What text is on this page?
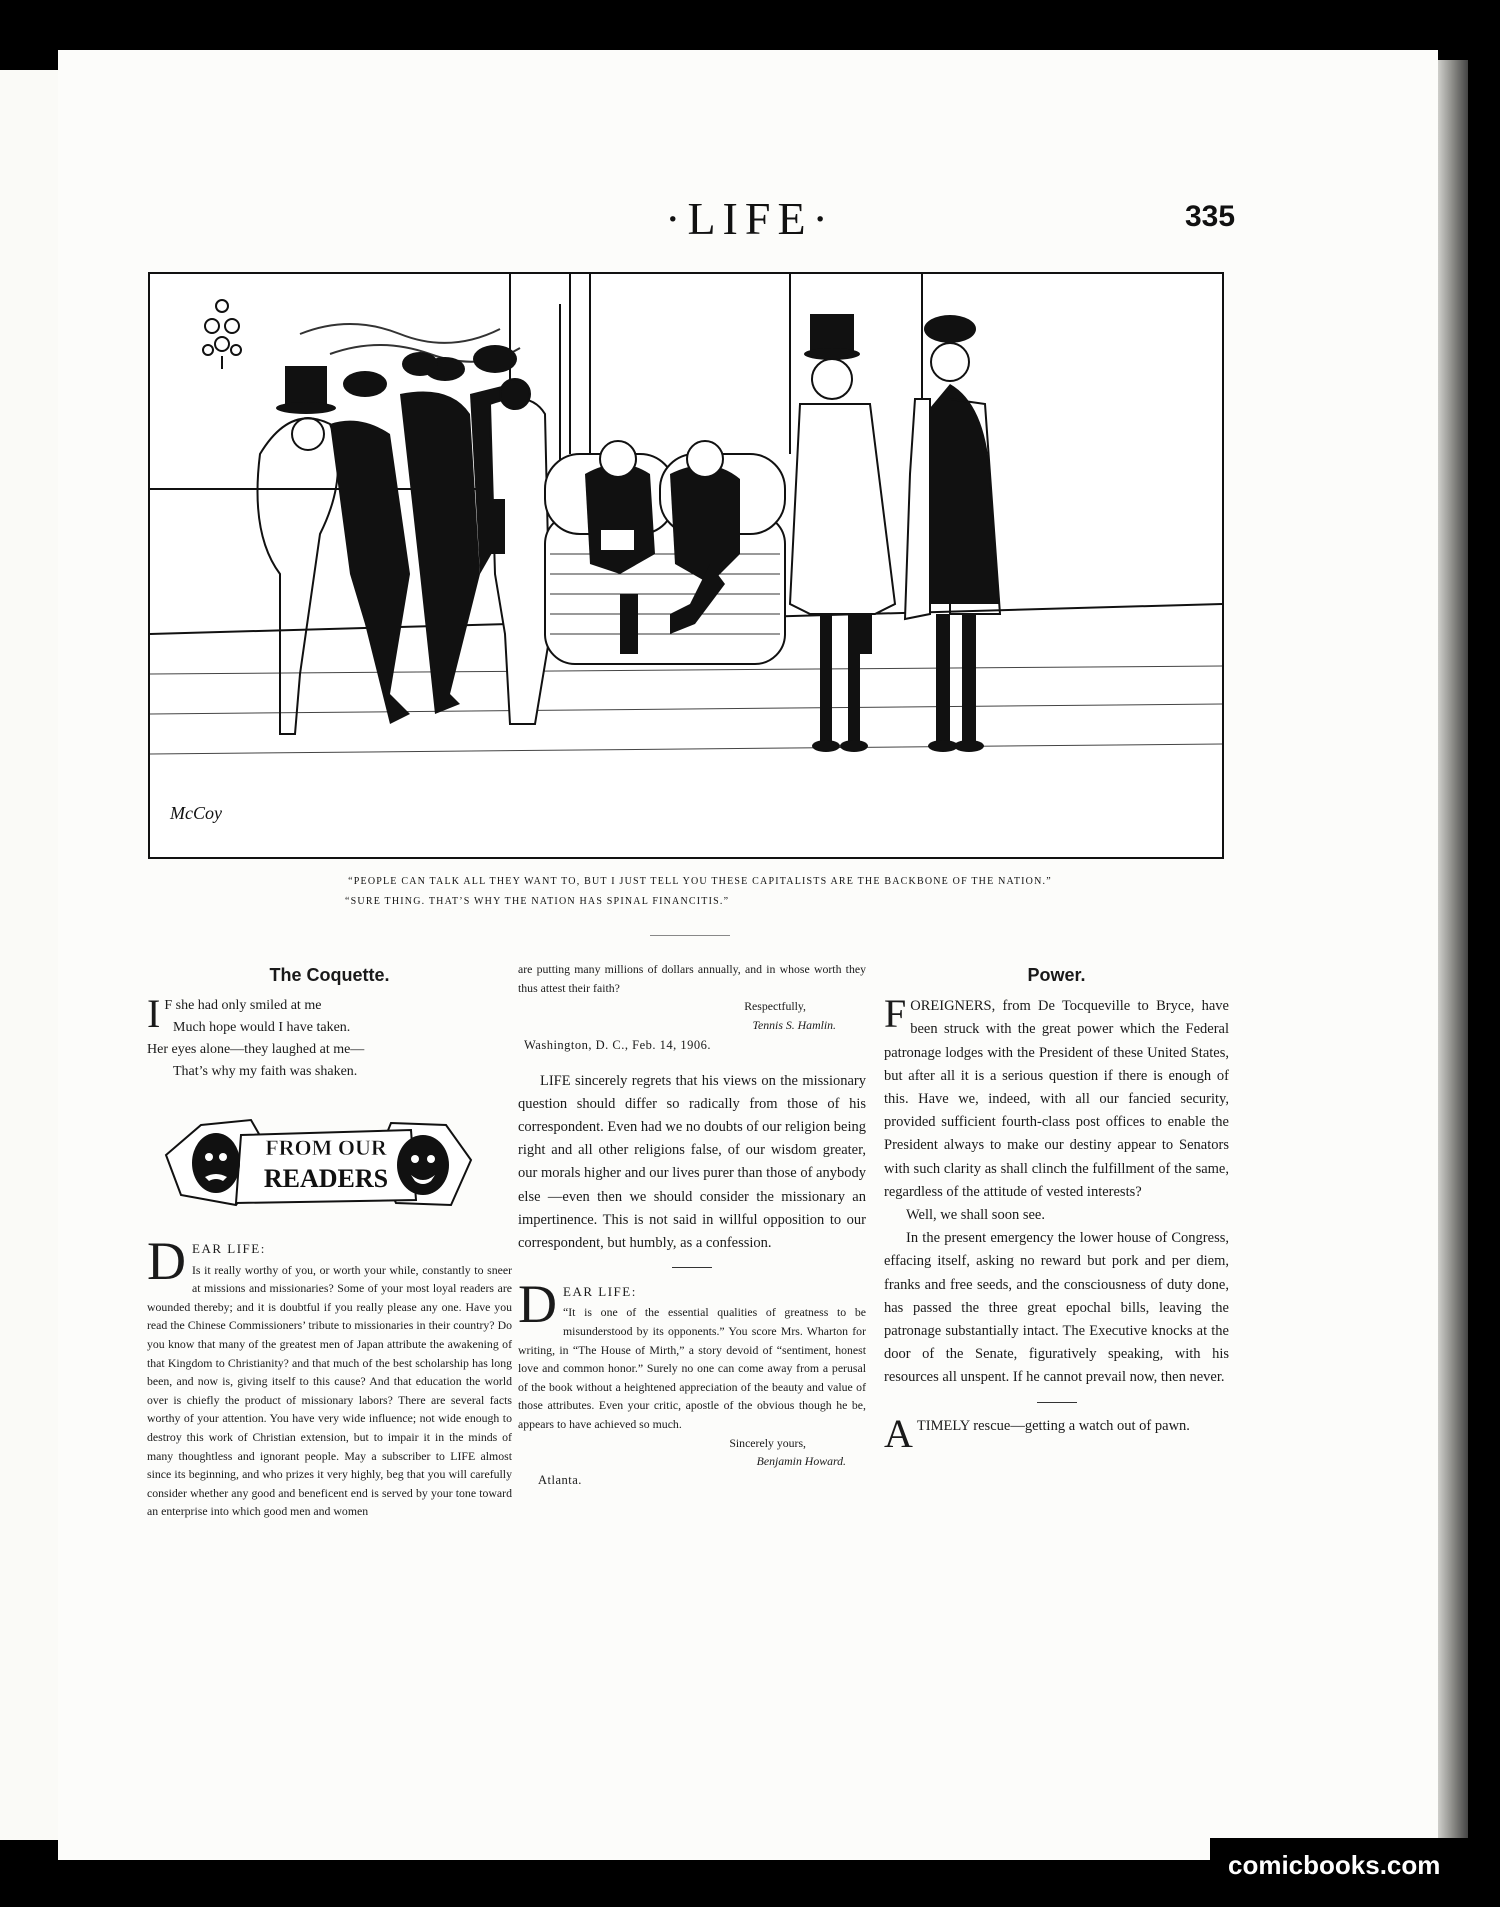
·LIFE·	335
McCoy
“PEOPLE CAN TALK ALL THEY WANT TO, BUT I JUST TELL YOU THESE CAPITALISTS ARE THE BACKBONE OF THE NATION.”
“SURE THING. THAT’S WHY THE NATION HAS SPINAL FINANCITIS.”
The Coquette.
I F she had only smiled at me
Much hope would I have taken.
Her eyes alone—they laughed at me—
That’s why my faith was shaken.
FROM OUR
READERS
D EAR LIFE:

Is it really worthy of you, or worth your while, constantly to sneer at missions and missionaries? Some of your most loyal readers are wounded thereby; and it is doubtful if you really please any one. Have you read the Chinese Commissioners’ tribute to missionaries in their country? Do you know that many of the greatest men of Japan attribute the awakening of that Kingdom to Christianity? and that much of the best scholarship has long been, and now is, giving itself to this cause? And that education the world over is chiefly the product of missionary labors? There are several facts worthy of your attention. You have very wide influence; not wide enough to destroy this work of Christian extension, but to impair it in the minds of many thoughtless and ignorant people. May a subscriber to LIFE almost since its beginning, and who prizes it very highly, beg that you will carefully consider whether any good and beneficent end is served by your tone toward an enterprise into which good men and women

are putting many millions of dollars annually, and in whose worth they thus attest their faith?

Respectfully,
Tennis S. Hamlin.
Washington, D. C., Feb. 14, 1906.

LIFE sincerely regrets that his views on the missionary question should differ so radically from those of his correspondent. Even had we no doubts of our religion being right and all other religions false, of our wisdom greater, our morals higher and our lives purer than those of anybody else —even then we should consider the missionary an impertinence. This is not said in willful opposition to our correspondent, but humbly, as a confession.

D EAR LIFE:

“It is one of the essential qualities of greatness to be misunderstood by its opponents.” You score Mrs. Wharton for writing, in “The House of Mirth,” a story devoid of “sentiment, honest love and common honor.” Surely no one can come away from a perusal of the book without a heightened appreciation of the beauty and value of those attributes. Even your critic, apostle of the obvious though he be, appears to have achieved so much.

Sincerely yours,
Benjamin Howard.
Atlanta.
Power.
F OREIGNERS, from De Tocqueville to Bryce, have been struck with the great power which the Federal patronage lodges with the President of these United States, but after all it is a serious question if there is enough of this. Have we, indeed, with all our fancied security, provided sufficient fourth-class post offices to enable the President always to make our destiny appear to Senators with such clarity as shall clinch the fulfillment of the same, regardless of the attitude of vested interests?

Well, we shall soon see.

In the present emergency the lower house of Congress, effacing itself, asking no reward but pork and per diem, franks and free seeds, and the consciousness of duty done, has passed the three great epochal bills, leaving the patronage substantially intact. The Executive knocks at the door of the Senate, figuratively speaking, with his resources all unspent. If he cannot prevail now, then never.

A TIMELY rescue—getting a watch out of pawn.

comicbooks.com
